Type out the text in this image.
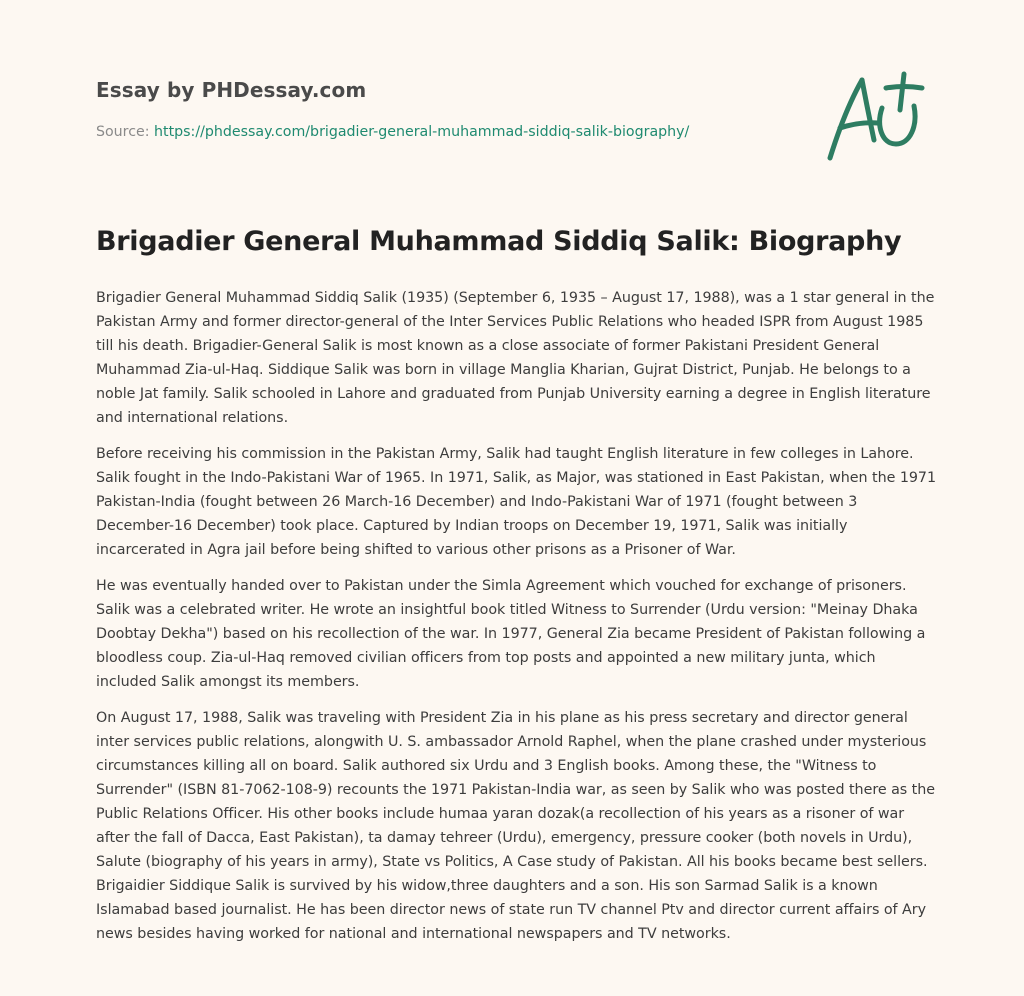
Essay by PHDessay.com
Source: https://phdessay.com/brigadier-general-muhammad-siddiq-salik-biography/
Brigadier General Muhammad Siddiq Salik: Biography

Brigadier General Muhammad Siddiq Salik (1935) (September 6, 1935 – August 17, 1988), was a 1 star general in the Pakistan Army and former director-general of the Inter Services Public Relations who headed ISPR from August 1985 till his death. Brigadier-General Salik is most known as a close associate of former Pakistani President General Muhammad Zia-ul-Haq. Siddique Salik was born in village Manglia Kharian, Gujrat District, Punjab. He belongs to a noble Jat family. Salik schooled in Lahore and graduated from Punjab University earning a degree in English literature and international relations.

Before receiving his commission in the Pakistan Army, Salik had taught English literature in few colleges in Lahore. Salik fought in the Indo-Pakistani War of 1965. In 1971, Salik, as Major, was stationed in East Pakistan, when the 1971 Pakistan-India (fought between 26 March-16 December) and Indo-Pakistani War of 1971 (fought between 3 December-16 December) took place. Captured by Indian troops on December 19, 1971, Salik was initially incarcerated in Agra jail before being shifted to various other prisons as a Prisoner of War.

He was eventually handed over to Pakistan under the Simla Agreement which vouched for exchange of prisoners. Salik was a celebrated writer. He wrote an insightful book titled Witness to Surrender (Urdu version: "Meinay Dhaka Doobtay Dekha") based on his recollection of the war. In 1977, General Zia became President of Pakistan following a bloodless coup. Zia-ul-Haq removed civilian officers from top posts and appointed a new military junta, which included Salik amongst its members.

On August 17, 1988, Salik was traveling with President Zia in his plane as his press secretary and director general inter services public relations, alongwith U. S. ambassador Arnold Raphel, when the plane crashed under mysterious circumstances killing all on board. Salik authored six Urdu and 3 English books. Among these, the "Witness to Surrender" (ISBN 81-7062-108-9) recounts the 1971 Pakistan-India war, as seen by Salik who was posted there as the Public Relations Officer. His other books include humaa yaran dozak(a recollection of his years as a risoner of war after the fall of Dacca, East Pakistan), ta damay tehreer (Urdu), emergency, pressure cooker (both novels in Urdu), Salute (biography of his years in army), State vs Politics, A Case study of Pakistan. All his books became best sellers. Brigaidier Siddique Salik is survived by his widow,three daughters and a son. His son Sarmad Salik is a known Islamabad based journalist. He has been director news of state run TV channel Ptv and director current affairs of Ary news besides having worked for national and international newspapers and TV networks.
